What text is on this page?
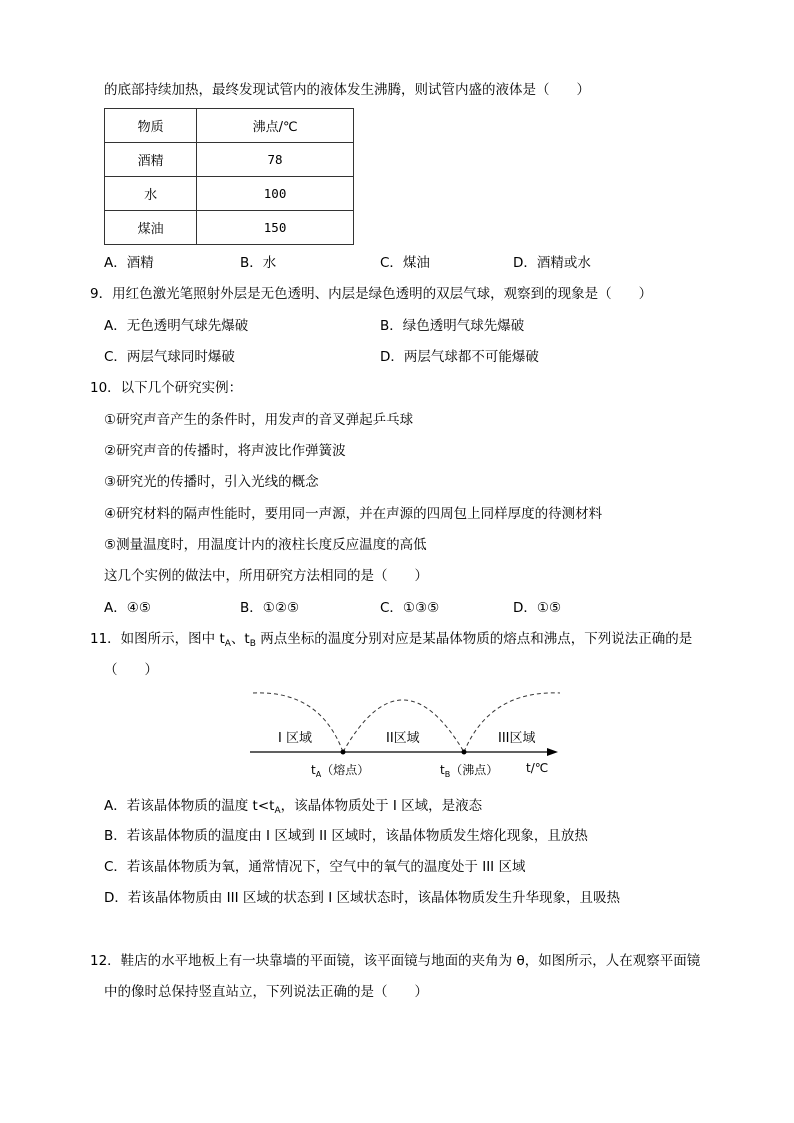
的底部持续加热，最终发现试管内的液体发生沸腾，则试管内盛的液体是（　　）
物质	沸点/℃
酒精	78
水	100
煤油	150
A．酒精	B．水	C．煤油	D．酒精或水
9．用红色激光笔照射外层是无色透明、内层是绿色透明的双层气球，观察到的现象是（　　）
A．无色透明气球先爆破	B．绿色透明气球先爆破
C．两层气球同时爆破	D．两层气球都不可能爆破
10．以下几个研究实例：
①研究声音产生的条件时，用发声的音叉弹起乒乓球
②研究声音的传播时，将声波比作弹簧波
③研究光的传播时，引入光线的概念
④研究材料的隔声性能时，要用同一声源，并在声源的四周包上同样厚度的待测材料
⑤测量温度时，用温度计内的液柱长度反应温度的高低
这几个实例的做法中，所用研究方法相同的是（　　）
A．④⑤	B．①②⑤	C．①③⑤	D．①⑤
11．如图所示，图中 $t_A$、$t_B$ 两点坐标的温度分别对应是某晶体物质的熔点和沸点，下列说法正确的是
（　　）
I 区域	II区域	III区域
$t_A$（熔点）	$t_B$（沸点） t/℃
A．若该晶体物质的温度 $t<t_A$，该晶体物质处于 I 区域，是液态
B．若该晶体物质的温度由 I 区域到 II 区域时，该晶体物质发生熔化现象，且放热
C．若该晶体物质为氧，通常情况下，空气中的氧气的温度处于 III 区域
D．若该晶体物质由 III 区域的状态到 I 区域状态时，该晶体物质发生升华现象，且吸热
12．鞋店的水平地板上有一块靠墙的平面镜，该平面镜与地面的夹角为 θ，如图所示，人在观察平面镜
中的像时总保持竖直站立，下列说法正确的是（　　）
